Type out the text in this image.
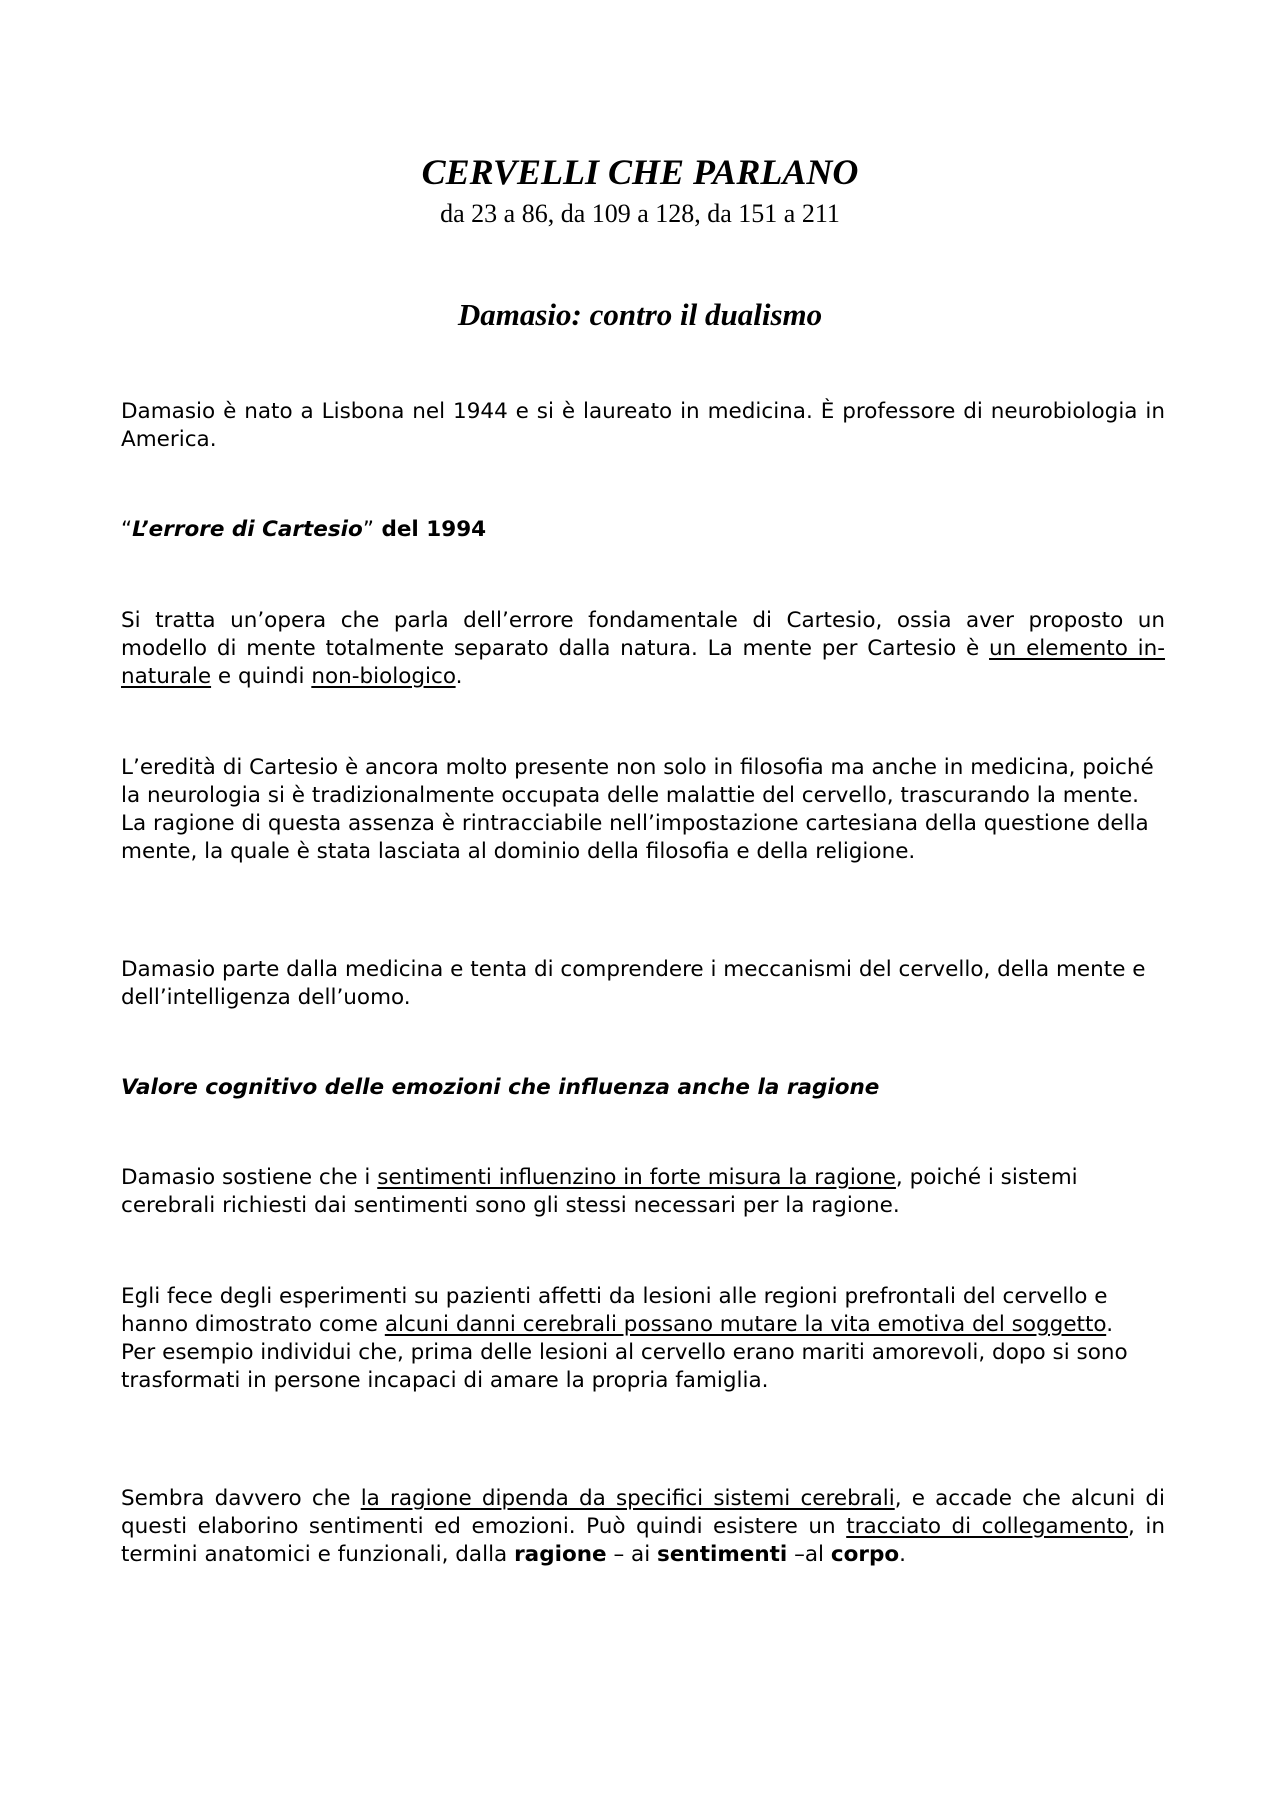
CERVELLI CHE PARLANO
da 23 a 86, da 109 a 128, da 151 a 211
Damasio: contro il dualismo

Damasio è nato a Lisbona nel 1944 e si è laureato in medicina. È professore di neurobiologia in America.

“L’errore di Cartesio” del 1994

Si tratta un’opera che parla dell’errore fondamentale di Cartesio, ossia aver proposto un modello di mente totalmente separato dalla natura. La mente per Cartesio è un elemento in-naturale e quindi non-biologico.

L’eredità di Cartesio è ancora molto presente non solo in filosofia ma anche in medicina, poiché la neurologia si è tradizionalmente occupata delle malattie del cervello, trascurando la mente. La ragione di questa assenza è rintracciabile nell’impostazione cartesiana della questione della mente, la quale è stata lasciata al dominio della filosofia e della religione.

Damasio parte dalla medicina e tenta di comprendere i meccanismi del cervello, della mente e dell’intelligenza dell’uomo.

Valore cognitivo delle emozioni che influenza anche la ragione

Damasio sostiene che i sentimenti influenzino in forte misura la ragione, poiché i sistemi cerebrali richiesti dai sentimenti sono gli stessi necessari per la ragione.

Egli fece degli esperimenti su pazienti affetti da lesioni alle regioni prefrontali del cervello e hanno dimostrato come alcuni danni cerebrali possano mutare la vita emotiva del soggetto.
Per esempio individui che, prima delle lesioni al cervello erano mariti amorevoli, dopo si sono trasformati in persone incapaci di amare la propria famiglia.

Sembra davvero che la ragione dipenda da specifici sistemi cerebrali, e accade che alcuni di questi elaborino sentimenti ed emozioni. Può quindi esistere un tracciato di collegamento, in termini anatomici e funzionali, dalla ragione – ai sentimenti –al corpo.
